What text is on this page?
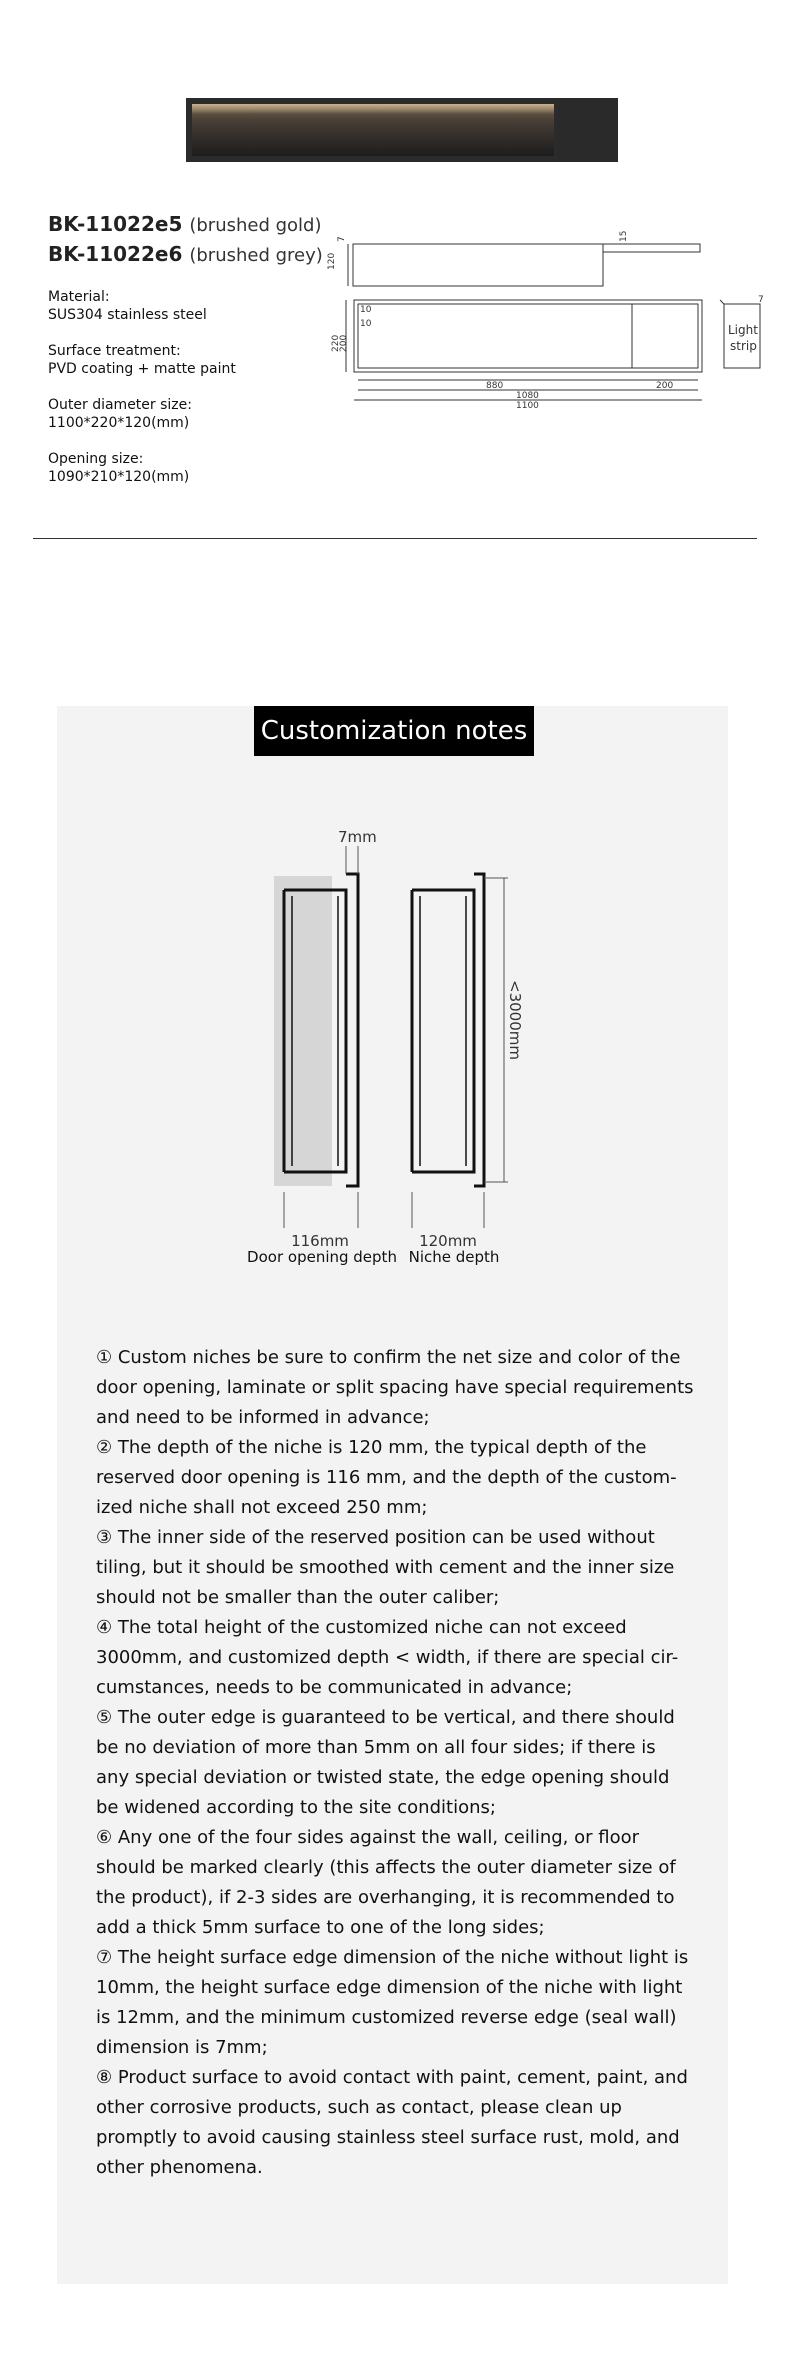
BK-11022e5 (brushed gold)
BK-11022e6 (brushed grey)
Material:
SUS304 stainless steel
Surface treatment:
PVD coating + matte paint
Outer diameter size:
1100*220*120(mm)
Opening size:
1090*210*120(mm)
120
7	15
10
10
220
200
880	200
1080
1100
7
Light
strip
Customization notes
7mm
<3000mm
116mm	120mm
Door opening depth Niche depth

① Custom niches be sure to confirm the net size and color of the door opening, laminate or split spacing have special requirements and need to be informed in advance;

② The depth of the niche is 120 mm, the typical depth of the reserved door opening is 116 mm, and the depth of the custom-ized niche shall not exceed 250 mm;

③ The inner side of the reserved position can be used without tiling, but it should be smoothed with cement and the inner size should not be smaller than the outer caliber;

④ The total height of the customized niche can not exceed 3000mm, and customized depth < width, if there are special cir-cumstances, needs to be communicated in advance;

⑤ The outer edge is guaranteed to be vertical, and there should be no deviation of more than 5mm on all four sides; if there is any special deviation or twisted state, the edge opening should be widened according to the site conditions;

⑥ Any one of the four sides against the wall, ceiling, or floor should be marked clearly (this affects the outer diameter size of the product), if 2-3 sides are overhanging, it is recommended to add a thick 5mm surface to one of the long sides;

⑦ The height surface edge dimension of the niche without light is 10mm, the height surface edge dimension of the niche with light is 12mm, and the minimum customized reverse edge (seal wall) dimension is 7mm;

⑧ Product surface to avoid contact with paint, cement, paint, and other corrosive products, such as contact, please clean up promptly to avoid causing stainless steel surface rust, mold, and other phenomena.
